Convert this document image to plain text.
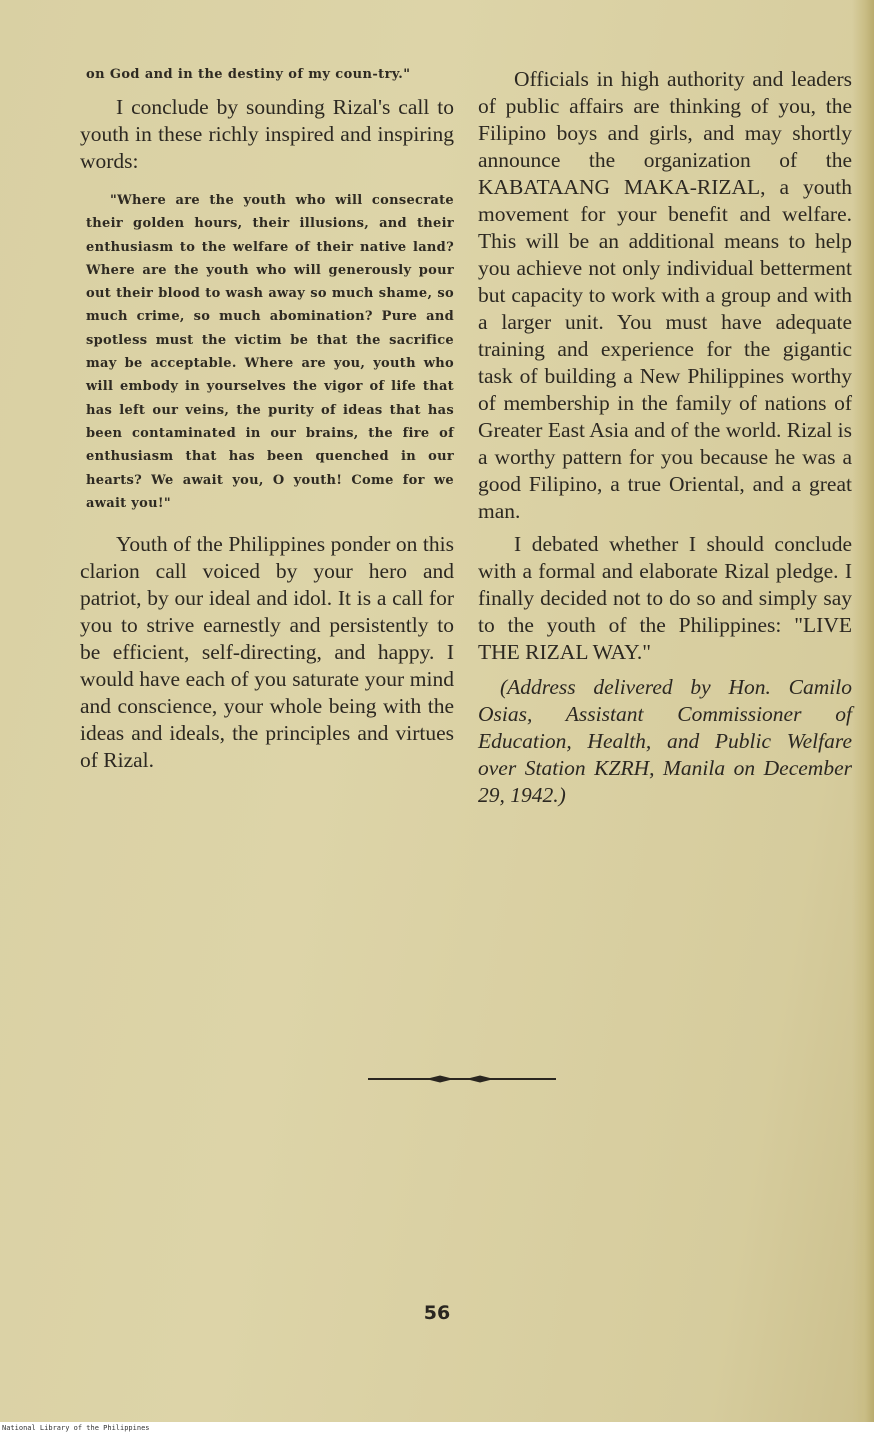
on God and in the destiny of my coun-try."

I conclude by sounding Rizal's call to youth in these richly inspired and inspiring words:

"Where are the youth who will consecrate their golden hours, their illusions, and their enthusiasm to the welfare of their native land? Where are the youth who will generously pour out their blood to wash away so much shame, so much crime, so much abomination? Pure and spotless must the victim be that the sacrifice may be acceptable. Where are you, youth who will embody in yourselves the vigor of life that has left our veins, the purity of ideas that has been contaminated in our brains, the fire of enthusiasm that has been quenched in our hearts? We await you, O youth! Come for we await you!"

Youth of the Philippines ponder on this clarion call voiced by your hero and patriot, by our ideal and idol. It is a call for you to strive earnestly and persistently to be efficient, self-directing, and happy. I would have each of you saturate your mind and conscience, your whole being with the ideas and ideals, the principles and virtues of Rizal.

Officials in high authority and leaders of public affairs are thinking of you, the Filipino boys and girls, and may shortly announce the organization of the KABATAANG MAKA-RIZAL, a youth movement for your benefit and welfare. This will be an additional means to help you achieve not only individual betterment but capacity to work with a group and with a larger unit. You must have adequate training and experience for the gigantic task of building a New Philippines worthy of membership in the family of nations of Greater East Asia and of the world. Rizal is a worthy pattern for you because he was a good Filipino, a true Oriental, and a great man.

I debated whether I should conclude with a formal and elaborate Rizal pledge. I finally decided not to do so and simply say to the youth of the Philippines: "LIVE THE RIZAL WAY."

(Address delivered by Hon. Camilo Osias, Assistant Commissioner of Education, Health, and Public Welfare over Station KZRH, Manila on December 29, 1942.)

56
National Library of the Philippines
